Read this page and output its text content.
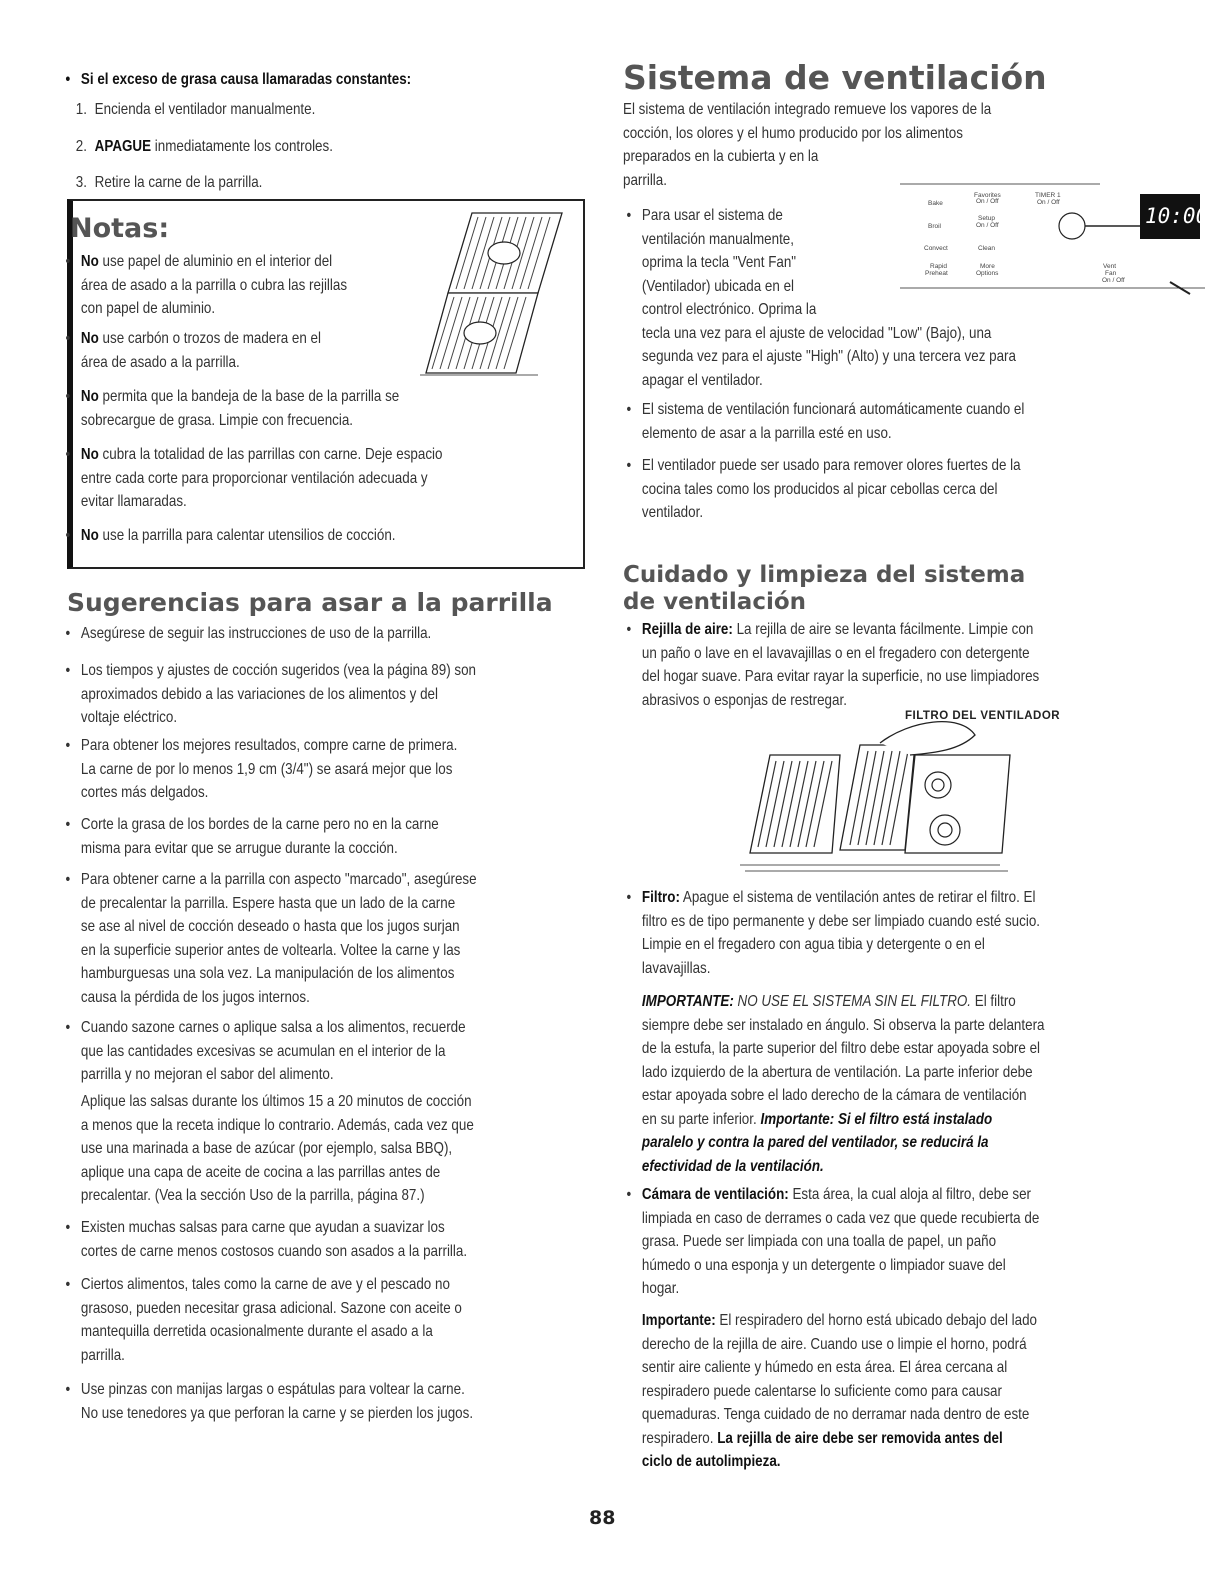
• Si el exceso de grasa causa llamaradas constantes:
1. Encienda el ventilador manualmente.
2. APAGUE inmediatamente los controles.
3. Retire la carne de la parrilla.
Notas:
• No use papel de aluminio en el interior del
área de asado a la parrilla o cubra las rejillas
con papel de aluminio.
• No use carbón o trozos de madera en el
área de asado a la parrilla.
• No permita que la bandeja de la base de la parrilla se
sobrecargue de grasa. Limpie con frecuencia.
• No cubra la totalidad de las parrillas con carne. Deje espacio
entre cada corte para proporcionar ventilación adecuada y
evitar llamaradas.
• No use la parrilla para calentar utensilios de cocción.
Sugerencias para asar a la parrilla
• Asegúrese de seguir las instrucciones de uso de la parrilla.
• Los tiempos y ajustes de cocción sugeridos (vea la página 89) son
aproximados debido a las variaciones de los alimentos y del
voltaje eléctrico.
• Para obtener los mejores resultados, compre carne de primera.
La carne de por lo menos 1,9 cm (3/4") se asará mejor que los
cortes más delgados.
• Corte la grasa de los bordes de la carne pero no en la carne
misma para evitar que se arrugue durante la cocción.
• Para obtener carne a la parrilla con aspecto "marcado", asegúrese
de precalentar la parrilla. Espere hasta que un lado de la carne
se ase al nivel de cocción deseado o hasta que los jugos surjan
en la superficie superior antes de voltearla. Voltee la carne y las
hamburguesas una sola vez. La manipulación de los alimentos
causa la pérdida de los jugos internos.
• Cuando sazone carnes o aplique salsa a los alimentos, recuerde
que las cantidades excesivas se acumulan en el interior de la
parrilla y no mejoran el sabor del alimento.
Aplique las salsas durante los últimos 15 a 20 minutos de cocción
a menos que la receta indique lo contrario. Además, cada vez que
use una marinada a base de azúcar (por ejemplo, salsa BBQ),
aplique una capa de aceite de cocina a las parrillas antes de
precalentar. (Vea la sección Uso de la parrilla, página 87.)
• Existen muchas salsas para carne que ayudan a suavizar los
cortes de carne menos costosos cuando son asados a la parrilla.
• Ciertos alimentos, tales como la carne de ave y el pescado no
grasoso, pueden necesitar grasa adicional. Sazone con aceite o
mantequilla derretida ocasionalmente durante el asado a la
parrilla.
• Use pinzas con manijas largas o espátulas para voltear la carne.
No use tenedores ya que perforan la carne y se pierden los jugos.
Sistema de ventilación
El sistema de ventilación integrado remueve los vapores de la
cocción, los olores y el humo producido por los alimentos
preparados en la cubierta y en la
parrilla.
• Para usar el sistema de
ventilación manualmente,
oprima la tecla "Vent Fan"
(Ventilador) ubicada en el
control electrónico. Oprima la
tecla una vez para el ajuste de velocidad "Low" (Bajo), una
segunda vez para el ajuste "High" (Alto) y una tercera vez para
apagar el ventilador.
• El sistema de ventilación funcionará automáticamente cuando el
elemento de asar a la parrilla esté en uso.
• El ventilador puede ser usado para remover olores fuertes de la
cocina tales como los producidos al picar cebollas cerca del
ventilador.
Bake
Broil
Convect
Rapid
Preheat
Favorites
On / Off
Setup
On / Off
Clean
More
Options
TIMER 1
On / Off
10:00
Vent
Fan
On / Off
Cuidado y limpieza del sistema
de ventilación
• Rejilla de aire: La rejilla de aire se levanta fácilmente. Limpie con
un paño o lave en el lavavajillas o en el fregadero con detergente
del hogar suave. Para evitar rayar la superficie, no use limpiadores
abrasivos o esponjas de restregar.
FILTRO DEL VENTILADOR
• Filtro: Apague el sistema de ventilación antes de retirar el filtro. El
filtro es de tipo permanente y debe ser limpiado cuando esté sucio.
Limpie en el fregadero con agua tibia y detergente o en el
lavavajillas.
IMPORTANTE: NO USE EL SISTEMA SIN EL FILTRO. El filtro
siempre debe ser instalado en ángulo. Si observa la parte delantera
de la estufa, la parte superior del filtro debe estar apoyada sobre el
lado izquierdo de la abertura de ventilación. La parte inferior debe
estar apoyada sobre el lado derecho de la cámara de ventilación
en su parte inferior. Importante: Si el filtro está instalado
paralelo y contra la pared del ventilador, se reducirá la
efectividad de la ventilación.
• Cámara de ventilación: Esta área, la cual aloja al filtro, debe ser
limpiada en caso de derrames o cada vez que quede recubierta de
grasa. Puede ser limpiada con una toalla de papel, un paño
húmedo o una esponja y un detergente o limpiador suave del
hogar.
Importante: El respiradero del horno está ubicado debajo del lado
derecho de la rejilla de aire. Cuando use o limpie el horno, podrá
sentir aire caliente y húmedo en esta área. El área cercana al
respiradero puede calentarse lo suficiente como para causar
quemaduras. Tenga cuidado de no derramar nada dentro de este
respiradero. La rejilla de aire debe ser removida antes del
ciclo de autolimpieza.
88
